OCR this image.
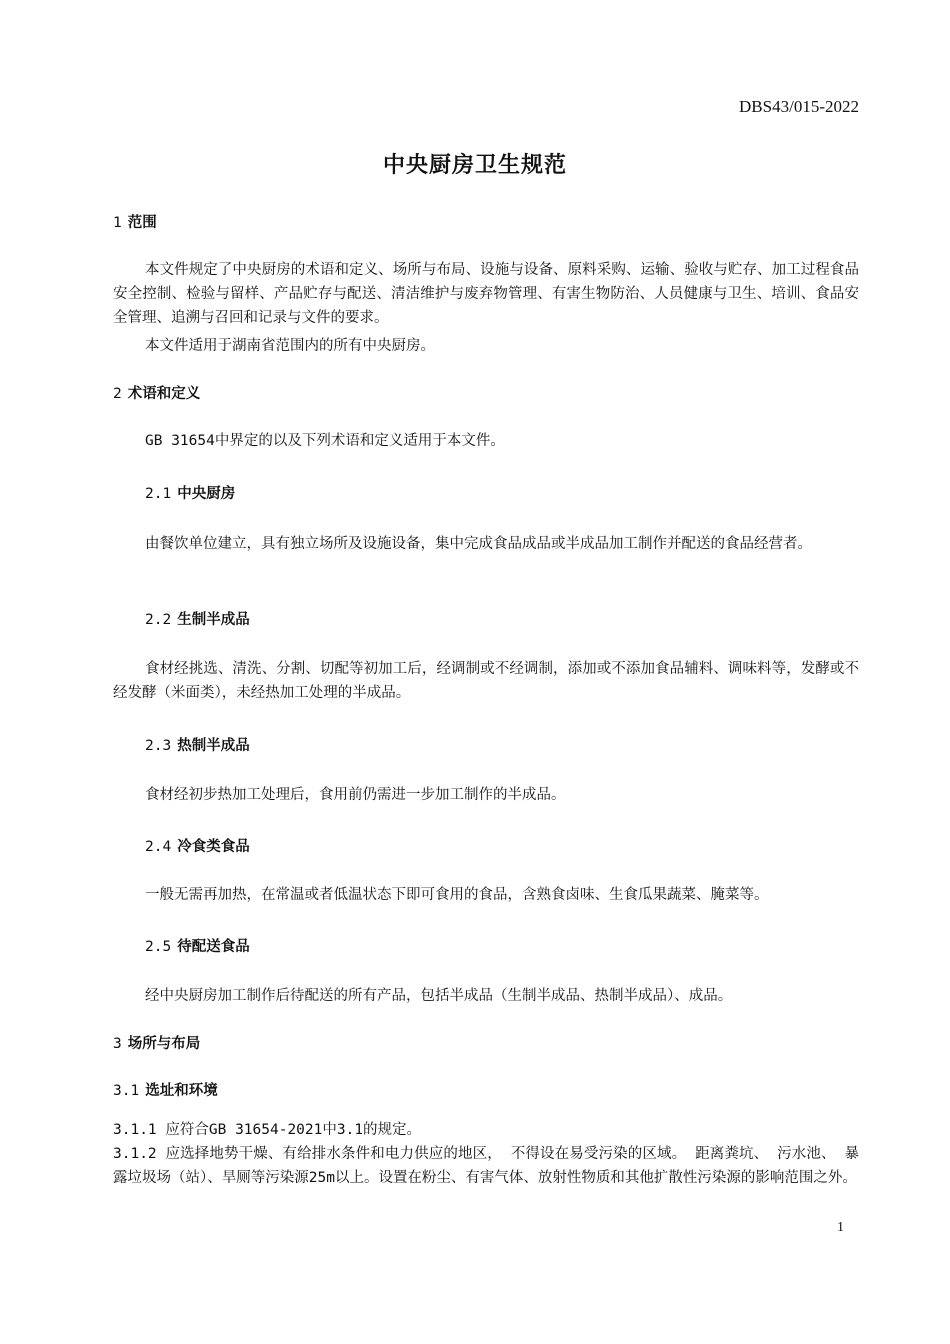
DBS43/015-2022
中央厨房卫生规范
1 范围
本文件规定了中央厨房的术语和定义、场所与布局、设施与设备、原料采购、运输、验收与贮存、加工过程食品安全控制、检验与留样、产品贮存与配送、清洁维护与废弃物管理、有害生物防治、人员健康与卫生、培训、食品安全管理、追溯与召回和记录与文件的要求。
本文件适用于湖南省范围内的所有中央厨房。
2 术语和定义
GB 31654中界定的以及下列术语和定义适用于本文件。
2.1 中央厨房
由餐饮单位建立，具有独立场所及设施设备，集中完成食品成品或半成品加工制作并配送的食品经营者。
2.2 生制半成品
食材经挑选、清洗、分割、切配等初加工后，经调制或不经调制，添加或不添加食品辅料、调味料等，发酵或不经发酵（米面类），未经热加工处理的半成品。
2.3 热制半成品
食材经初步热加工处理后，食用前仍需进一步加工制作的半成品。
2.4 冷食类食品
一般无需再加热，在常温或者低温状态下即可食用的食品，含熟食卤味、生食瓜果蔬菜、腌菜等。
2.5 待配送食品
经中央厨房加工制作后待配送的所有产品，包括半成品（生制半成品、热制半成品）、成品。
3 场所与布局
3.1 选址和环境
3.1.1 应符合GB 31654-2021中3.1的规定。
3.1.2 应选择地势干燥、有给排水条件和电力供应的地区， 不得设在易受污染的区域。 距离粪坑、 污水池、 暴露垃圾场（站）、旱厕等污染源25m以上。设置在粉尘、有害气体、放射性物质和其他扩散性污染源的影响范围之外。
1
